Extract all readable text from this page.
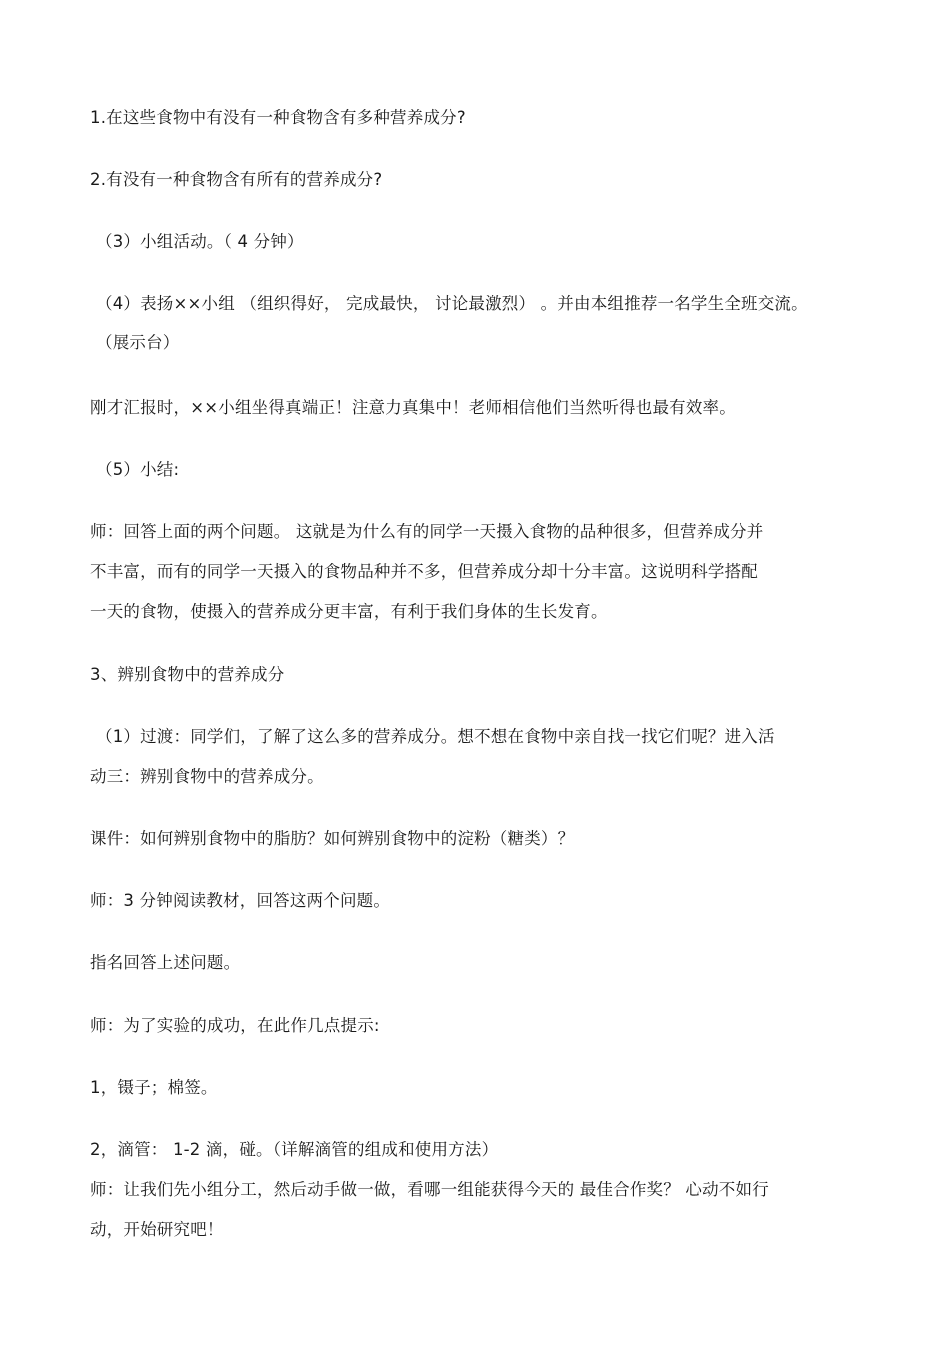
1.在这些食物中有没有一种食物含有多种营养成分?
2.有没有一种食物含有所有的营养成分?
（3）小组活动。（ 4 分钟）
（4）表扬××小组 （组织得好， 完成最快， 讨论最激烈） 。并由本组推荐一名学生全班交流。
（展示台）
刚才汇报时，××小组坐得真端正！注意力真集中！老师相信他们当然听得也最有效率。
（5）小结:
师：回答上面的两个问题。 这就是为什么有的同学一天摄入食物的品种很多，但营养成分并
不丰富，而有的同学一天摄入的食物品种并不多，但营养成分却十分丰富。这说明科学搭配
一天的食物，使摄入的营养成分更丰富，有利于我们身体的生长发育。
3、辨别食物中的营养成分
（1）过渡：同学们，了解了这么多的营养成分。想不想在食物中亲自找一找它们呢？进入活
动三：辨别食物中的营养成分。
课件：如何辨别食物中的脂肪？如何辨别食物中的淀粉（糖类）？
师：3 分钟阅读教材，回答这两个问题。
指名回答上述问题。
师：为了实验的成功，在此作几点提示:
1，镊子；棉签。
2，滴管： 1-2 滴，碰。（详解滴管的组成和使用方法）
师：让我们先小组分工，然后动手做一做，看哪一组能获得今天的 最佳合作奖？ 心动不如行
动，开始研究吧！
